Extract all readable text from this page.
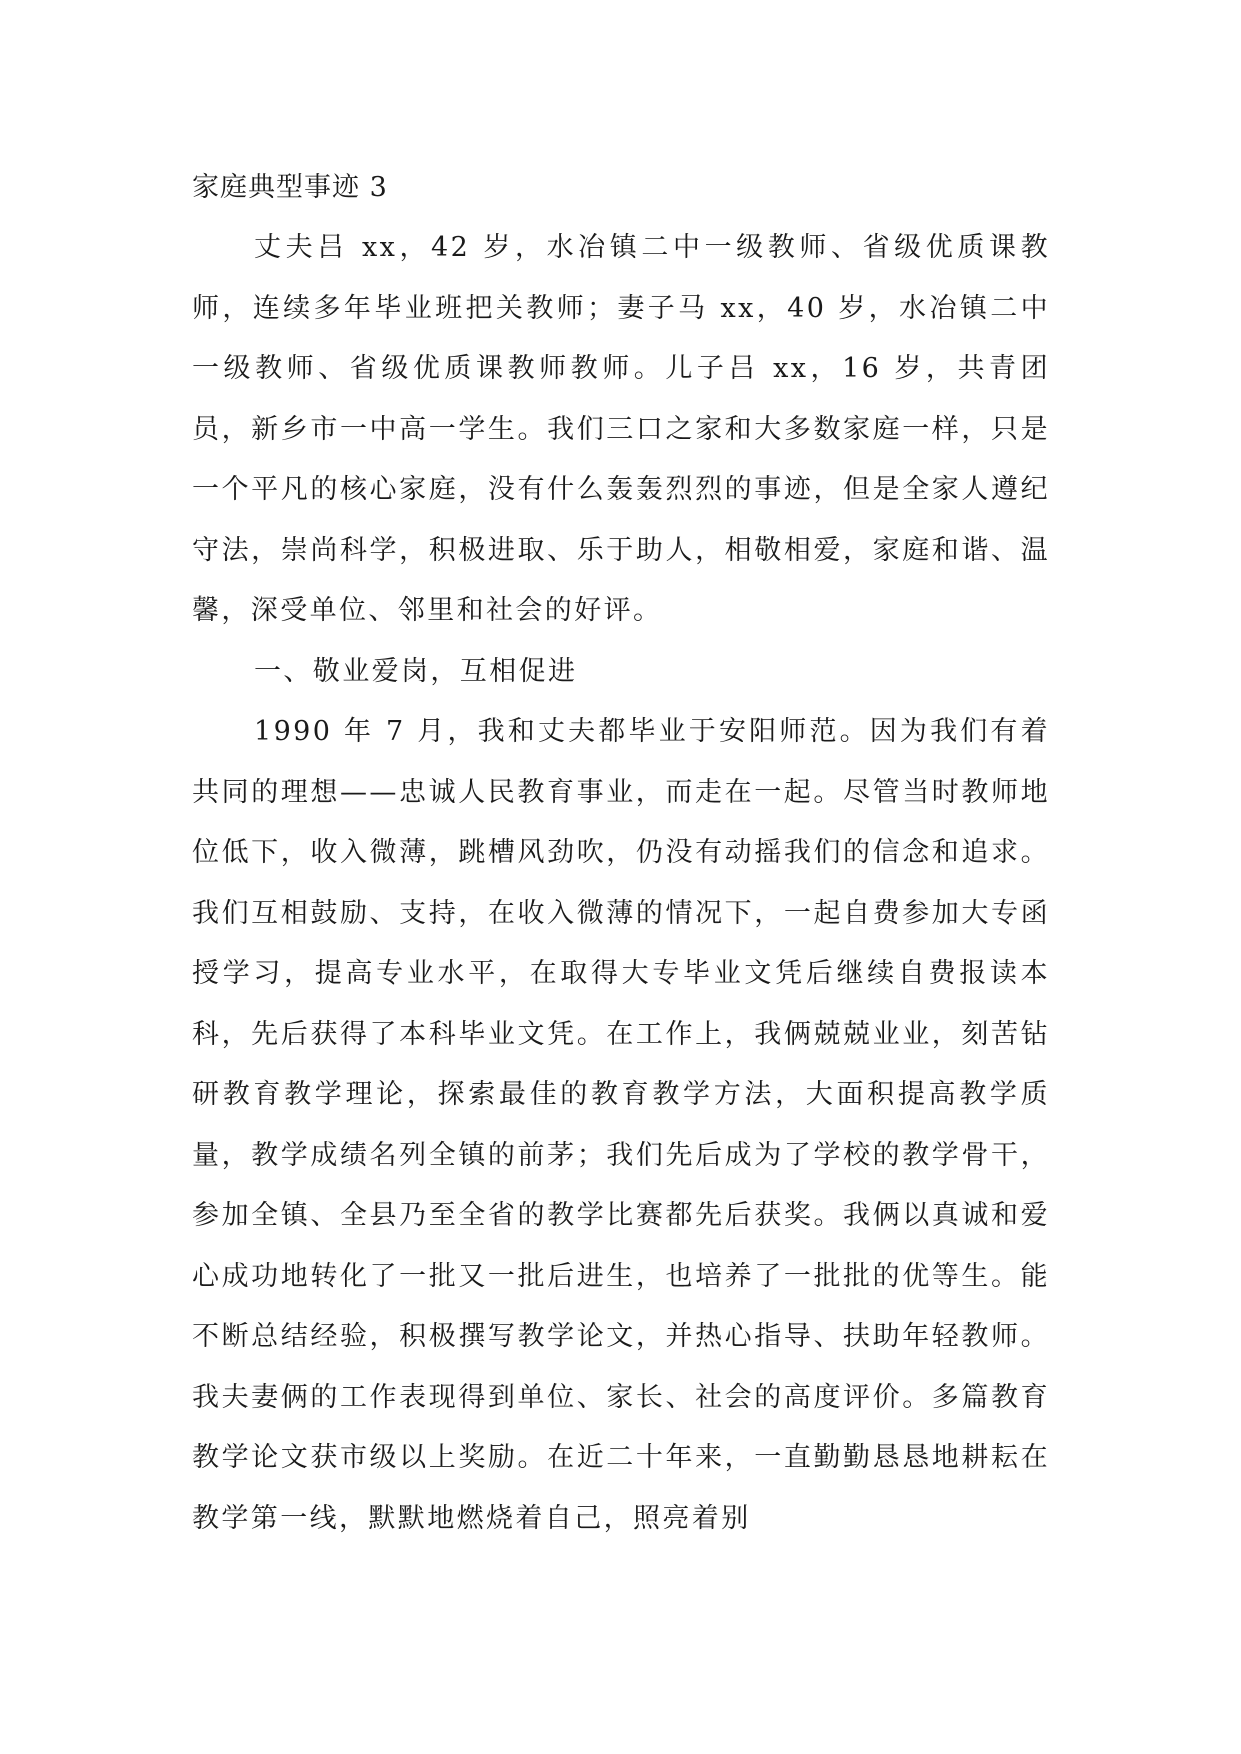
家庭典型事迹 3

丈夫吕 xx，42 岁，水冶镇二中一级教师、省级优质课教师，连续多年毕业班把关教师；妻子马 xx，40 岁，水冶镇二中一级教师、省级优质课教师教师。儿子吕 xx，16 岁，共青团员，新乡市一中高一学生。我们三口之家和大多数家庭一样，只是一个平凡的核心家庭，没有什么轰轰烈烈的事迹，但是全家人遵纪守法，崇尚科学，积极进取、乐于助人，相敬相爱，家庭和谐、温馨，深受单位、邻里和社会的好评。

一、敬业爱岗，互相促进

1990 年 7 月，我和丈夫都毕业于安阳师范。因为我们有着共同的理想——忠诚人民教育事业，而走在一起。尽管当时教师地位低下，收入微薄，跳槽风劲吹，仍没有动摇我们的信念和追求。我们互相鼓励、支持，在收入微薄的情况下，一起自费参加大专函授学习，提高专业水平，在取得大专毕业文凭后继续自费报读本科，先后获得了本科毕业文凭。在工作上，我俩兢兢业业，刻苦钻研教育教学理论，探索最佳的教育教学方法，大面积提高教学质量，教学成绩名列全镇的前茅；我们先后成为了学校的教学骨干，参加全镇、全县乃至全省的教学比赛都先后获奖。我俩以真诚和爱心成功地转化了一批又一批后进生，也培养了一批批的优等生。能不断总结经验，积极撰写教学论文，并热心指导、扶助年轻教师。我夫妻俩的工作表现得到单位、家长、社会的高度评价。多篇教育教学论文获市级以上奖励。在近二十年来，一直勤勤恳恳地耕耘在教学第一线，默默地燃烧着自己，照亮着别
